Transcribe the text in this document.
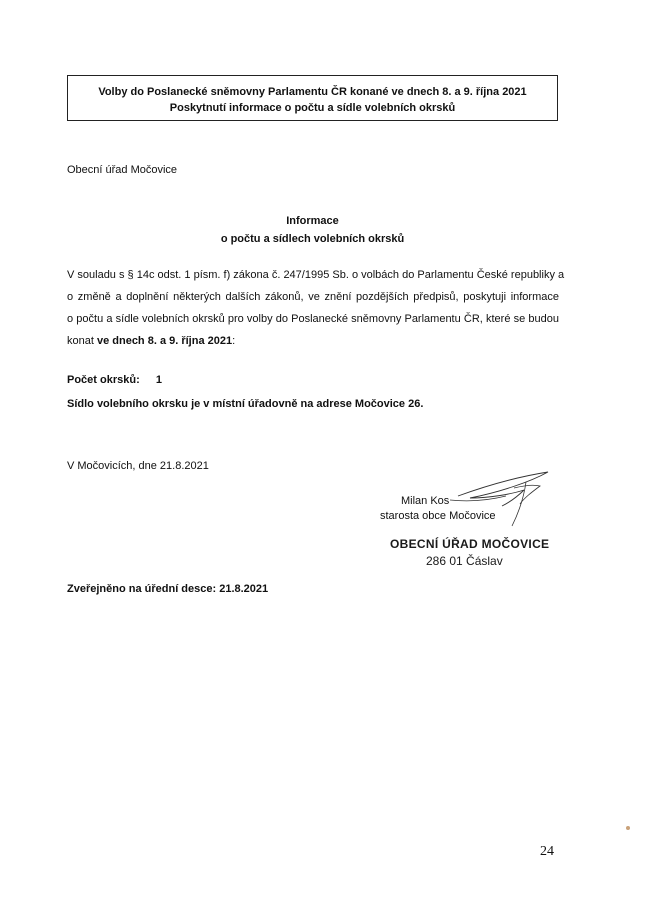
Volby do Poslanecké sněmovny Parlamentu ČR konané ve dnech 8. a 9. října 2021
Poskytnutí informace o počtu a sídle volebních okrsků
Obecní úřad Močovice
Informace
o počtu a sídlech volebních okrsků
V souladu s § 14c odst. 1 písm. f) zákona č. 247/1995 Sb. o volbách do Parlamentu České republiky a
o změně a doplnění některých dalších zákonů, ve znění pozdějších předpisů, poskytuji informace
o počtu a sídle volebních okrsků pro volby do Poslanecké sněmovny Parlamentu ČR, které se budou
konat ve dnech 8. a 9. října 2021:
Počet okrsků: 1
Sídlo volebního okrsku je v místní úřadovně na adrese Močovice 26.
V Močovicích, dne 21.8.2021
Milan Kos
starosta obce Močovice
OBECNÍ ÚŘAD MOČOVICE
286 01 Čáslav
Zveřejněno na úřední desce: 21.8.2021
24
